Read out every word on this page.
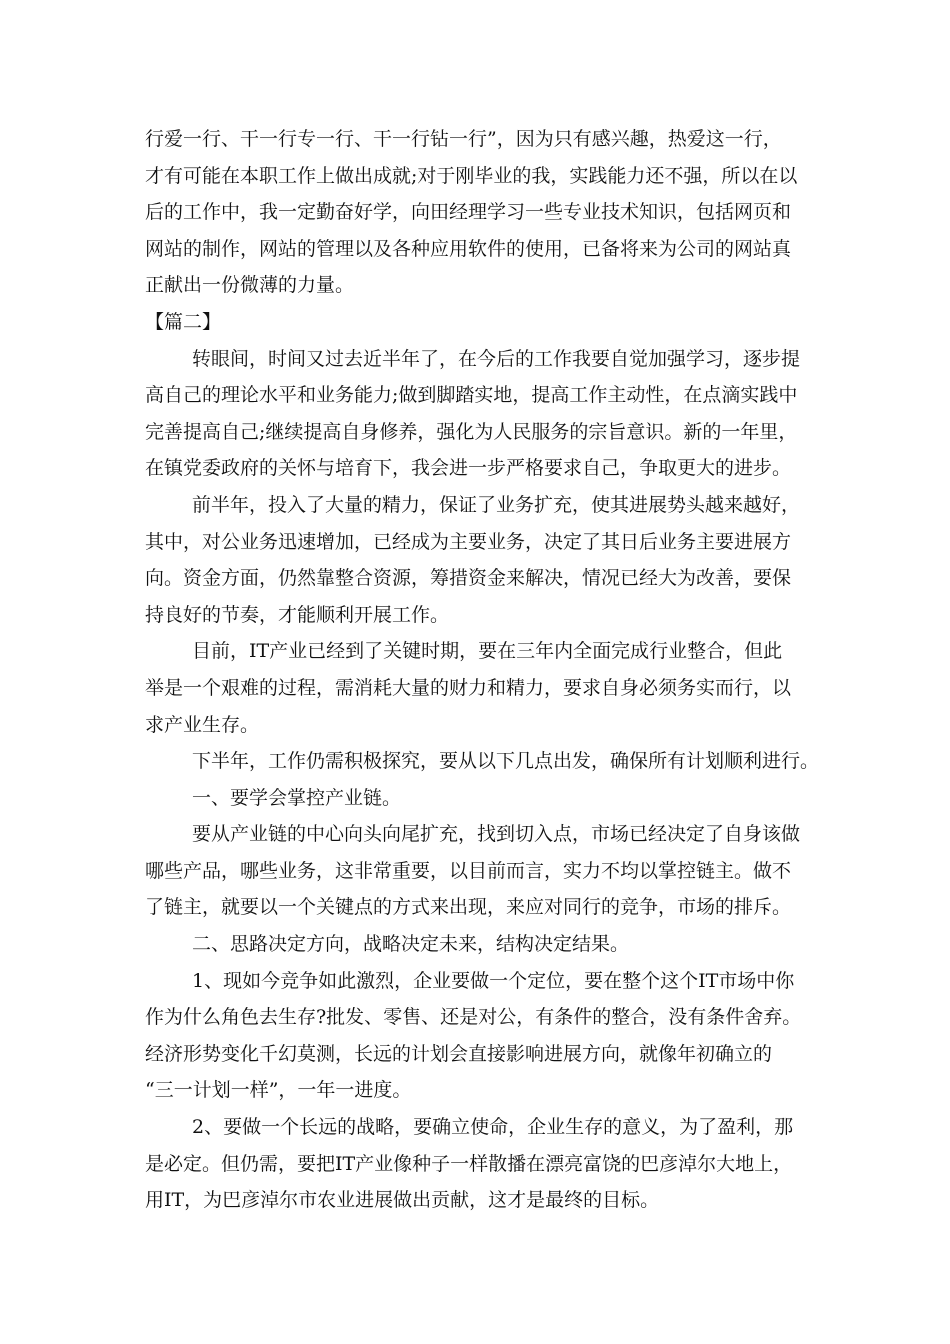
行爱一行、干一行专一行、干一行钻一行”，因为只有感兴趣，热爱这一行，
才有可能在本职工作上做出成就;对于刚毕业的我，实践能力还不强，所以在以
后的工作中，我一定勤奋好学，向田经理学习一些专业技术知识，包括网页和
网站的制作，网站的管理以及各种应用软件的使用，已备将来为公司的网站真
正献出一份微薄的力量。
【篇二】
转眼间，时间又过去近半年了，在今后的工作我要自觉加强学习，逐步提
高自己的理论水平和业务能力;做到脚踏实地，提高工作主动性，在点滴实践中
完善提高自己;继续提高自身修养，强化为人民服务的宗旨意识。新的一年里，
在镇党委政府的关怀与培育下，我会进一步严格要求自己，争取更大的进步。
前半年，投入了大量的精力，保证了业务扩充，使其进展势头越来越好，
其中，对公业务迅速增加，已经成为主要业务，决定了其日后业务主要进展方
向。资金方面，仍然靠整合资源，筹措资金来解决，情况已经大为改善，要保
持良好的节奏，才能顺利开展工作。
目前，IT产业已经到了关键时期，要在三年内全面完成行业整合，但此
举是一个艰难的过程，需消耗大量的财力和精力，要求自身必须务实而行，以
求产业生存。
下半年，工作仍需积极探究，要从以下几点出发，确保所有计划顺利进行。
一、要学会掌控产业链。
要从产业链的中心向头向尾扩充，找到切入点，市场已经决定了自身该做
哪些产品，哪些业务，这非常重要，以目前而言，实力不均以掌控链主。做不
了链主，就要以一个关键点的方式来出现，来应对同行的竞争，市场的排斥。
二、思路决定方向，战略决定未来，结构决定结果。
1、现如今竞争如此激烈，企业要做一个定位，要在整个这个IT市场中你
作为什么角色去生存?批发、零售、还是对公，有条件的整合，没有条件舍弃。
经济形势变化千幻莫测，长远的计划会直接影响进展方向，就像年初确立的
“三一计划一样”，一年一进度。
2、要做一个长远的战略，要确立使命，企业生存的意义，为了盈利，那
是必定。但仍需，要把IT产业像种子一样散播在漂亮富饶的巴彦淖尔大地上，
用IT，为巴彦淖尔市农业进展做出贡献，这才是最终的目标。
